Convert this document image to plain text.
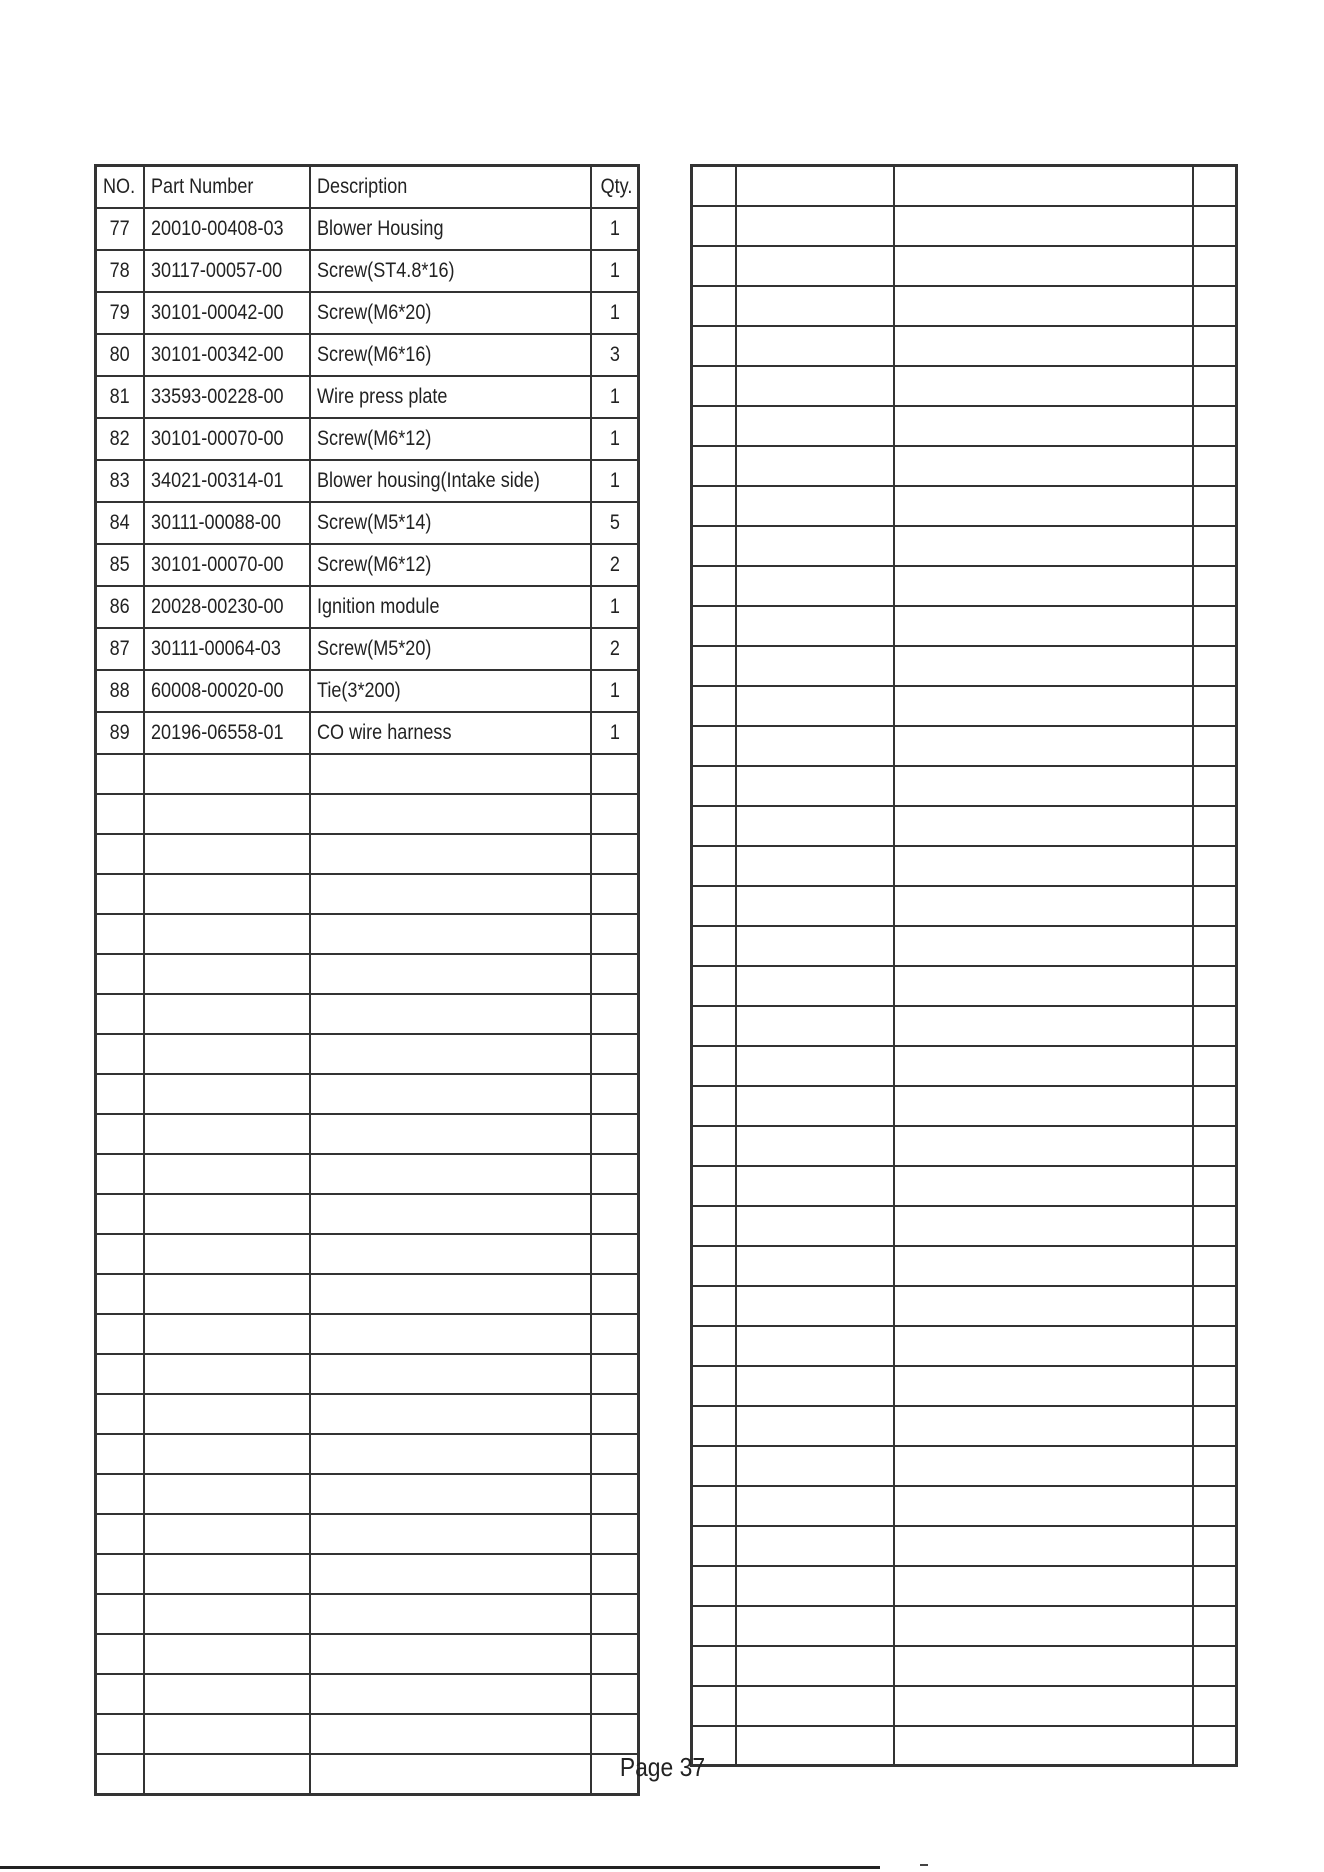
NO.	Part Number	Description	Qty.
77	20010-00408-03	Blower Housing	1
78	30117-00057-00	Screw(ST4.8*16)	1
79	30101-00042-00	Screw(M6*20)	1
80	30101-00342-00	Screw(M6*16)	3
81	33593-00228-00	Wire press plate	1
82	30101-00070-00	Screw(M6*12)	1
83	34021-00314-01	Blower housing(Intake side)	1
84	30111-00088-00	Screw(M5*14)	5
85	30101-00070-00	Screw(M6*12)	2
86	20028-00230-00	Ignition module	1
87	30111-00064-03	Screw(M5*20)	2
88	60008-00020-00	Tie(3*200)	1
89	20196-06558-01	CO wire harness	1

Page 37
